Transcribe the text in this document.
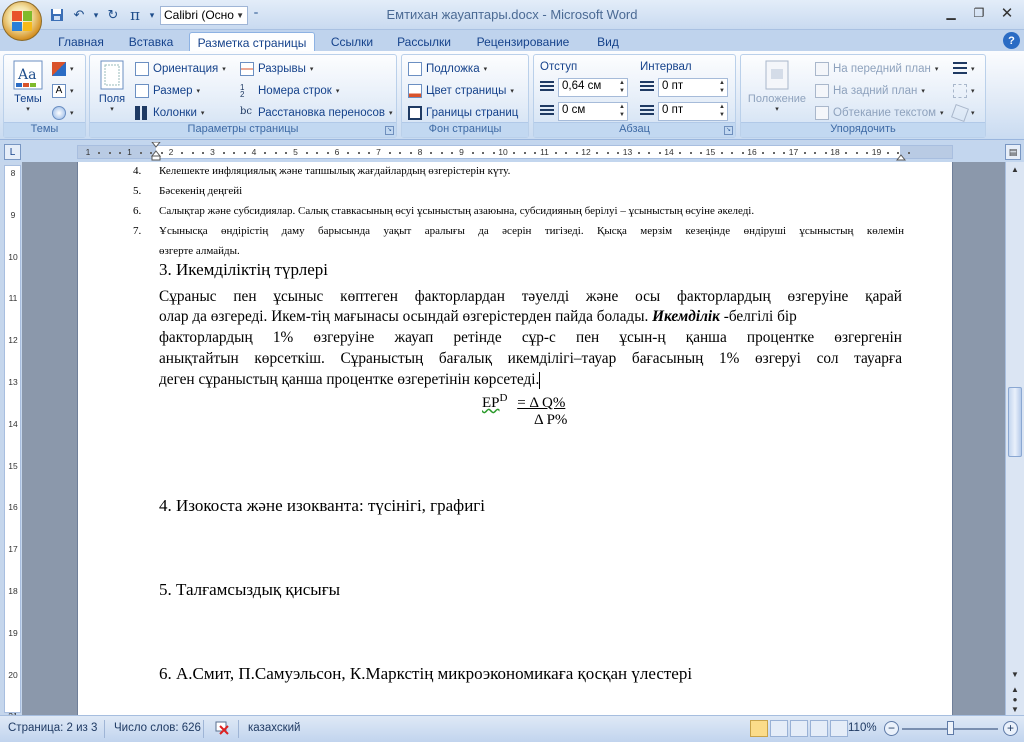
↶	▾ ↻ π	▾ Calibri (Осно ▼ ⁼	Емтихан жауаптары.docx - Microsoft Word	▁	❐	✕
Главная	Вставка	Разметка страницы	Ссылки	Рассылки	Рецензирование	Вид	?
Aa
Темы
▾
▾
A	▾
▾
Темы
Поля
▾
Ориентация ▾
Размер ▾
Колонки ▾
Разрывы ▾
1
2	Номера строк ▾
bc Расстановка переносов ▾
Параметры страницы	↘
Подложка ▾
Цвет страницы ▾
Границы страниц
Фон страницы
Отступ	Интервал
0,64 см ▲ ▼
0 см ▲ ▼
0 пт ▲ ▼
0 пт ▲ ▼
Абзац	↘
Положение
▾
На передний план ▾
На задний план ▾
Обтекание текстом ▾
▾
▾
▾
Упорядочить
L	1	1	2	3	4	5	6	7	8	9	10	11	12	13	14	15	16	17	18	19	▤
8
9
10
11
12
13
14
15
16
17
18
19
20
4. Келешекте инфляциялық және тапшылық жағдайлардың өзгерістерін күту.
5. Бәсекенің деңгейі
6. Салықтар және субсидиялар. Салық ставкасының өсуі ұсыныстың азаюына, субсидияның берілуі – ұсыныстың өсуіне әкеледі.
7. Ұсынысқа өндірістің даму барысында уақыт аралығы да әсерін тигізеді. Қысқа мерзім кезеңінде өндіруші ұсыныстың көлемін
өзгерте алмайды.
3. Икемділіктің түрлері
Сұраныс пен ұсыныс көптеген факторлардан тәуелді және осы факторлардың өзгеруіне қарай
олар да өзгереді. Икем-тің мағынасы осындай өзгерістерден пайда болады. Икемділік -белгілі бір
факторлардың 1% өзгеруіне жауап ретінде сұр-с пен ұсын-ң қанша процентке өзгергенін
анықтайтын көрсеткіш. Сұраныстың бағалық икемділігі–тауар бағасының 1% өзгеруі сол тауарға
деген сұраныстың қанша процентке өзгеретінін көрсетеді.
$EP^D = \Delta$ Q%
Δ P%
4. Изокоста және изокванта: түсінігі, графигі
5. Талғамсыздық қисығы
6. А.Смит, П.Самуэльсон, К.Маркстің микроэкономикаға қосқан үлестері
▲
▼
▲
●
▼
Страница: 2 из 3 Число слов: 626	казахский	110% −	+
